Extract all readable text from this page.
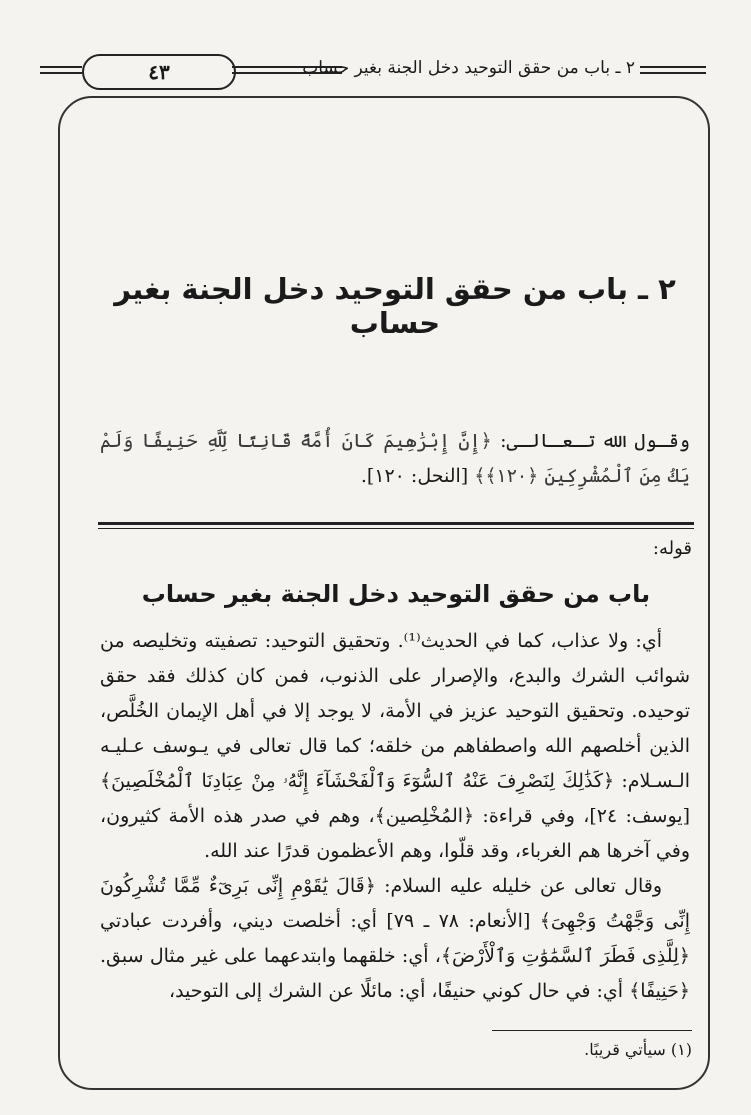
٤٣	٢ ـ باب من حقق التوحيد دخل الجنة بغير حساب
٢ ـ باب من حقق التوحيد دخل الجنة بغير حساب

وقـول الله تـعـالـى: ﴿إِنَّ إِبْرَٰهِيمَ كَانَ أُمَّةً قَانِتًا لِّلَّهِ حَنِيفًا وَلَمْ يَكُ مِنَ ٱلْمُشْرِكِينَ ﴿١٢٠﴾﴾ [النحل: ١٢٠].

قوله:
باب من حقق التوحيد دخل الجنة بغير حساب

أي: ولا عذاب، كما في الحديث⁽¹⁾. وتحقيق التوحيد: تصفيته وتخليصه من شوائب الشرك والبدع، والإصرار على الذنوب، فمن كان كذلك فقد حقق توحيده. وتحقيق التوحيد عزيز في الأمة، لا يوجد إلا في أهل الإيمان الخُلَّص، الذين أخلصهم الله واصطفاهم من خلقه؛ كما قال تعالى في يـوسف عـليـه الـسـلام: ﴿كَذَٰلِكَ لِنَصْرِفَ عَنْهُ ٱلسُّوٓءَ وَٱلْفَحْشَآءَ إِنَّهُۥ مِنْ عِبَادِنَا ٱلْمُخْلَصِينَ﴾ [يوسف: ٢٤]، وفي قراءة: ﴿المُخْلِصين﴾، وهم في صدر هذه الأمة كثيرون، وفي آخرها هم الغرباء، وقد قلّوا، وهم الأعظمون قدرًا عند الله.

وقال تعالى عن خليله عليه السلام: ﴿قَالَ يَٰقَوْمِ إِنِّى بَرِىٓءٌ مِّمَّا تُشْرِكُونَ إِنِّى وَجَّهْتُ وَجْهِىَ﴾ [الأنعام: ٧٨ ـ ٧٩] أي: أخلصت ديني، وأفردت عبادتي ﴿لِلَّذِى فَطَرَ ٱلسَّمَٰوَٰتِ وَٱلْأَرْضَ﴾، أي: خلقهما وابتدعهما على غير مثال سبق. ﴿حَنِيفًا﴾ أي: في حال كوني حنيفًا، أي: مائلًا عن الشرك إلى التوحيد،

(١) سيأتي قريبًا.
